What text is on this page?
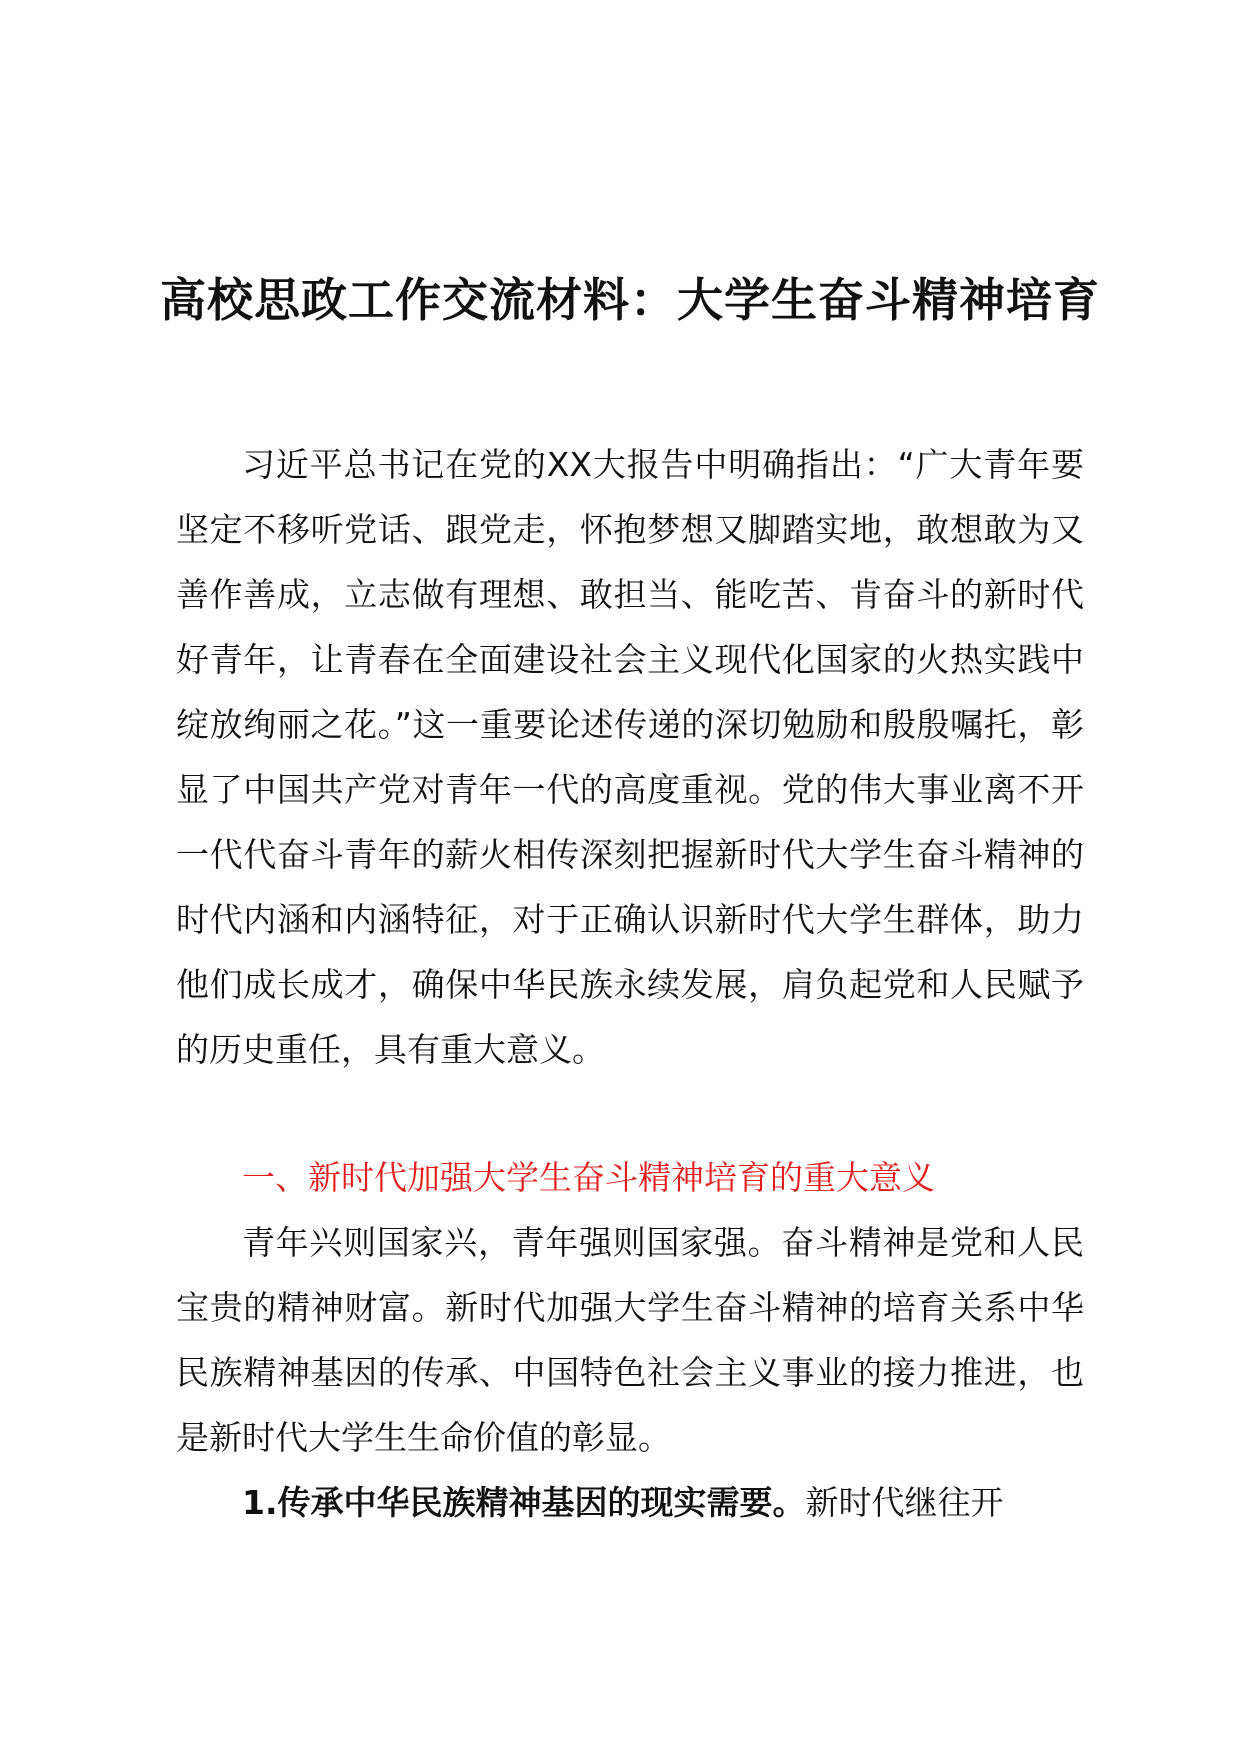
高校思政工作交流材料：大学生奋斗精神培育

习近平总书记在党的XX大报告中明确指出：“广大青年要坚定不移听党话、跟党走，怀抱梦想又脚踏实地，敢想敢为又善作善成，立志做有理想、敢担当、能吃苦、肯奋斗的新时代好青年，让青春在全面建设社会主义现代化国家的火热实践中绽放绚丽之花。”这一重要论述传递的深切勉励和殷殷嘱托，彰显了中国共产党对青年一代的高度重视。党的伟大事业离不开一代代奋斗青年的薪火相传深刻把握新时代大学生奋斗精神的时代内涵和内涵特征，对于正确认识新时代大学生群体，助力他们成长成才，确保中华民族永续发展，肩负起党和人民赋予的历史重任，具有重大意义。

一、新时代加强大学生奋斗精神培育的重大意义

青年兴则国家兴，青年强则国家强。奋斗精神是党和人民宝贵的精神财富。新时代加强大学生奋斗精神的培育关系中华民族精神基因的传承、中国特色社会主义事业的接力推进，也是新时代大学生生命价值的彰显。

1.传承中华民族精神基因的现实需要。新时代继往开
